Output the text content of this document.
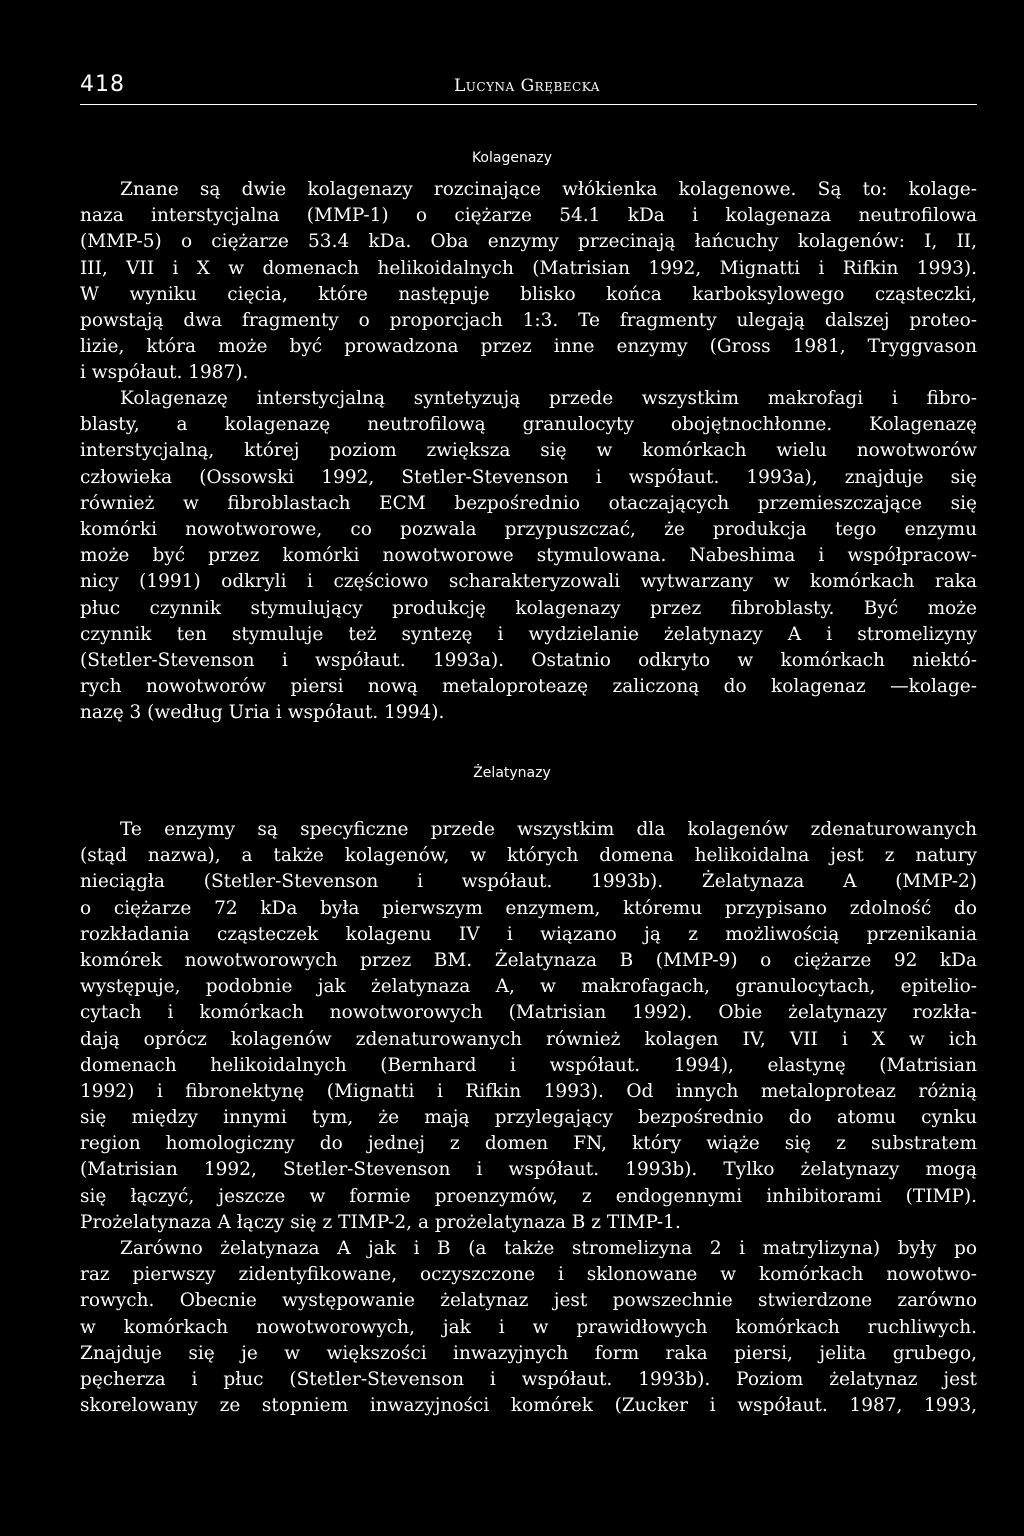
418	Lucyna Grębecka
Kolagenazy
Znane są dwie kolagenazy rozcinające włókienka kolagenowe. Są to: kolage-
naza interstycjalna (MMP-1) o ciężarze 54.1 kDa i kolagenaza neutrofilowa
(MMP-5) o ciężarze 53.4 kDa. Oba enzymy przecinają łańcuchy kolagenów: I, II,
III, VII i X w domenach helikoidalnych (Matrisian 1992, Mignatti i Rifkin 1993).
W wyniku cięcia, które następuje blisko końca karboksylowego cząsteczki,
powstają dwa fragmenty o proporcjach 1:3. Te fragmenty ulegają dalszej proteo-
lizie, która może być prowadzona przez inne enzymy (Gross 1981, Tryggvason
i współaut. 1987).
Kolagenazę interstycjalną syntetyzują przede wszystkim makrofagi i fibro-
blasty, a kolagenazę neutrofilową granulocyty obojętnochłonne. Kolagenazę
interstycjalną, której poziom zwiększa się w komórkach wielu nowotworów
człowieka (Ossowski 1992, Stetler-Stevenson i współaut. 1993a), znajduje się
również w fibroblastach ECM bezpośrednio otaczających przemieszczające się
komórki nowotworowe, co pozwala przypuszczać, że produkcja tego enzymu
może być przez komórki nowotworowe stymulowana. Nabeshima i współpracow-
nicy (1991) odkryli i częściowo scharakteryzowali wytwarzany w komórkach raka
płuc czynnik stymulujący produkcję kolagenazy przez fibroblasty. Być może
czynnik ten stymuluje też syntezę i wydzielanie żelatynazy A i stromelizyny
(Stetler-Stevenson i współaut. 1993a). Ostatnio odkryto w komórkach niektó-
rych nowotworów piersi nową metaloproteazę zaliczoną do kolagenaz —kolage-
nazę 3 (według Uria i współaut. 1994).
Żelatynazy
Te enzymy są specyficzne przede wszystkim dla kolagenów zdenaturowanych
(stąd nazwa), a także kolagenów, w których domena helikoidalna jest z natury
nieciągła (Stetler-Stevenson i współaut. 1993b). Żelatynaza A (MMP-2)
o ciężarze 72 kDa była pierwszym enzymem, któremu przypisano zdolność do
rozkładania cząsteczek kolagenu IV i wiązano ją z możliwością przenikania
komórek nowotworowych przez BM. Żelatynaza B (MMP-9) o ciężarze 92 kDa
występuje, podobnie jak żelatynaza A, w makrofagach, granulocytach, epitelio-
cytach i komórkach nowotworowych (Matrisian 1992). Obie żelatynazy rozkła-
dają oprócz kolagenów zdenaturowanych również kolagen IV, VII i X w ich
domenach helikoidalnych (Bernhard i współaut. 1994), elastynę (Matrisian
1992) i fibronektynę (Mignatti i Rifkin 1993). Od innych metaloproteaz różnią
się między innymi tym, że mają przylegający bezpośrednio do atomu cynku
region homologiczny do jednej z domen FN, który wiąże się z substratem
(Matrisian 1992, Stetler-Stevenson i współaut. 1993b). Tylko żelatynazy mogą
się łączyć, jeszcze w formie proenzymów, z endogennymi inhibitorami (TIMP).
Prożelatynaza A łączy się z TIMP-2, a prożelatynaza B z TIMP-1.
Zarówno żelatynaza A jak i B (a także stromelizyna 2 i matrylizyna) były po
raz pierwszy zidentyfikowane, oczyszczone i sklonowane w komórkach nowotwo-
rowych. Obecnie występowanie żelatynaz jest powszechnie stwierdzone zarówno
w komórkach nowotworowych, jak i w prawidłowych komórkach ruchliwych.
Znajduje się je w większości inwazyjnych form raka piersi, jelita grubego,
pęcherza i płuc (Stetler-Stevenson i współaut. 1993b). Poziom żelatynaz jest
skorelowany ze stopniem inwazyjności komórek (Zucker i współaut. 1987, 1993,
